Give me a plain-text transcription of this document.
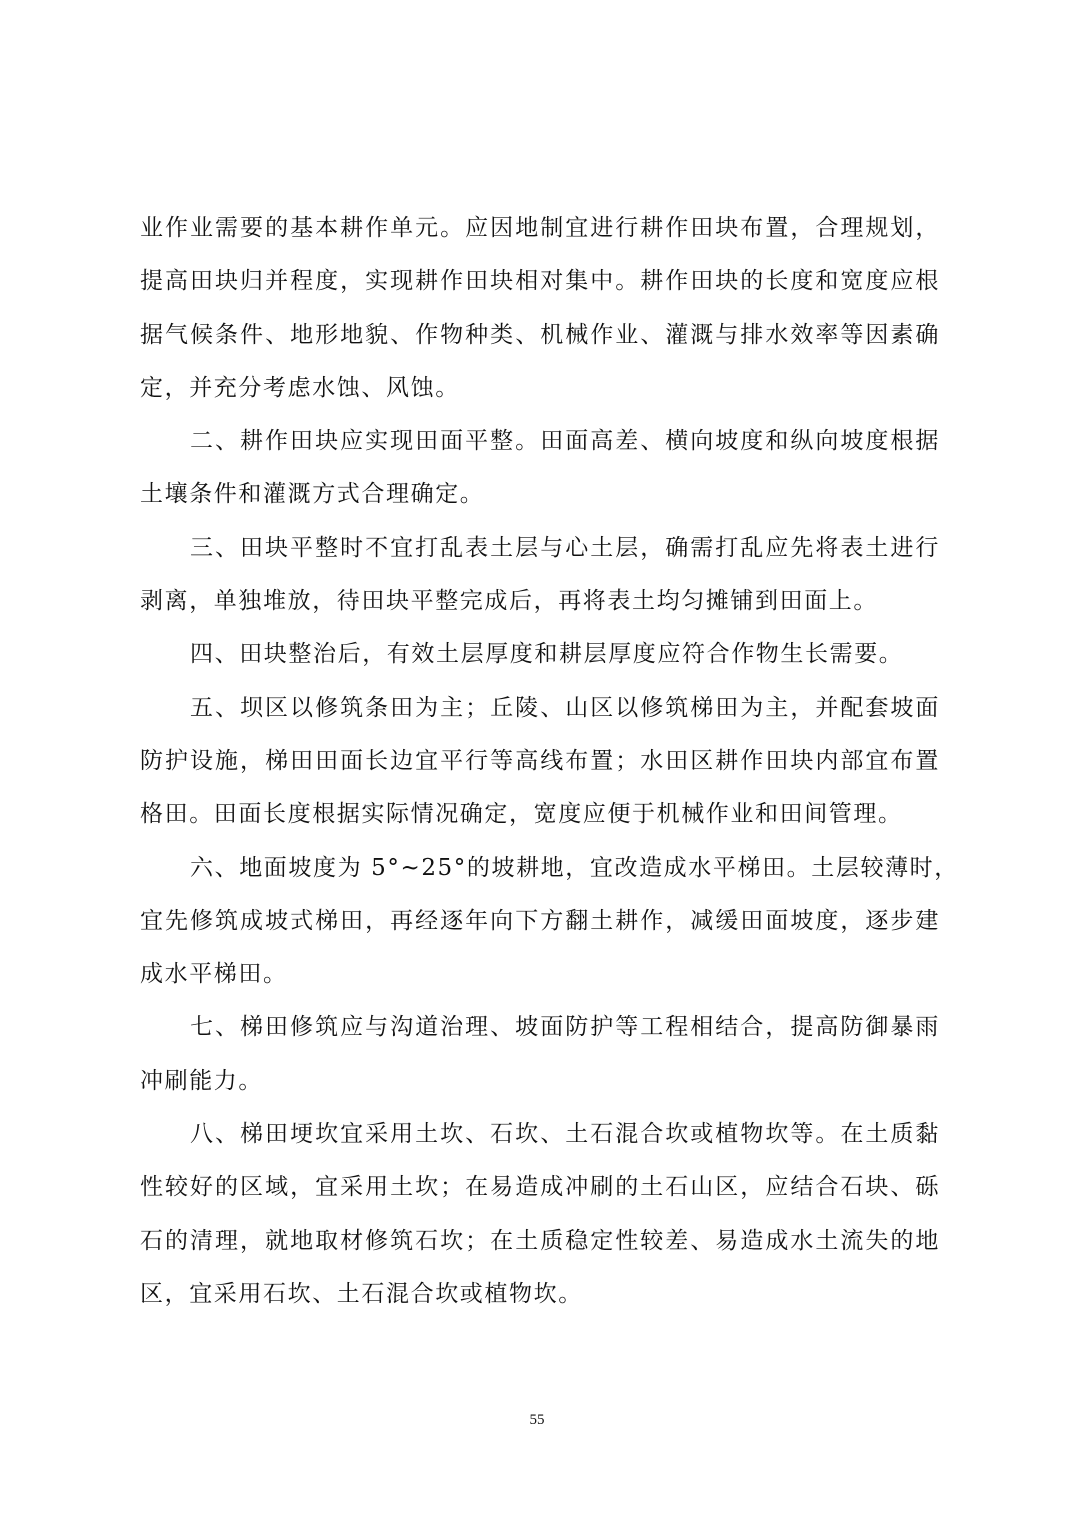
业作业需要的基本耕作单元。应因地制宜进行耕作田块布置，合理规划，
提高田块归并程度，实现耕作田块相对集中。耕作田块的长度和宽度应根
据气候条件、地形地貌、作物种类、机械作业、灌溉与排水效率等因素确
定，并充分考虑水蚀、风蚀。
二、耕作田块应实现田面平整。田面高差、横向坡度和纵向坡度根据
土壤条件和灌溉方式合理确定。
三、田块平整时不宜打乱表土层与心土层，确需打乱应先将表土进行
剥离，单独堆放，待田块平整完成后，再将表土均匀摊铺到田面上。
四、田块整治后，有效土层厚度和耕层厚度应符合作物生长需要。
五、坝区以修筑条田为主；丘陵、山区以修筑梯田为主，并配套坡面
防护设施，梯田田面长边宜平行等高线布置；水田区耕作田块内部宜布置
格田。田面长度根据实际情况确定，宽度应便于机械作业和田间管理。
六、地面坡度为 5°~25°的坡耕地，宜改造成水平梯田。土层较薄时，
宜先修筑成坡式梯田，再经逐年向下方翻土耕作，减缓田面坡度，逐步建
成水平梯田。
七、梯田修筑应与沟道治理、坡面防护等工程相结合，提高防御暴雨
冲刷能力。
八、梯田埂坎宜采用土坎、石坎、土石混合坎或植物坎等。在土质黏
性较好的区域，宜采用土坎；在易造成冲刷的土石山区，应结合石块、砾
石的清理，就地取材修筑石坎；在土质稳定性较差、易造成水土流失的地
区，宜采用石坎、土石混合坎或植物坎。
55
